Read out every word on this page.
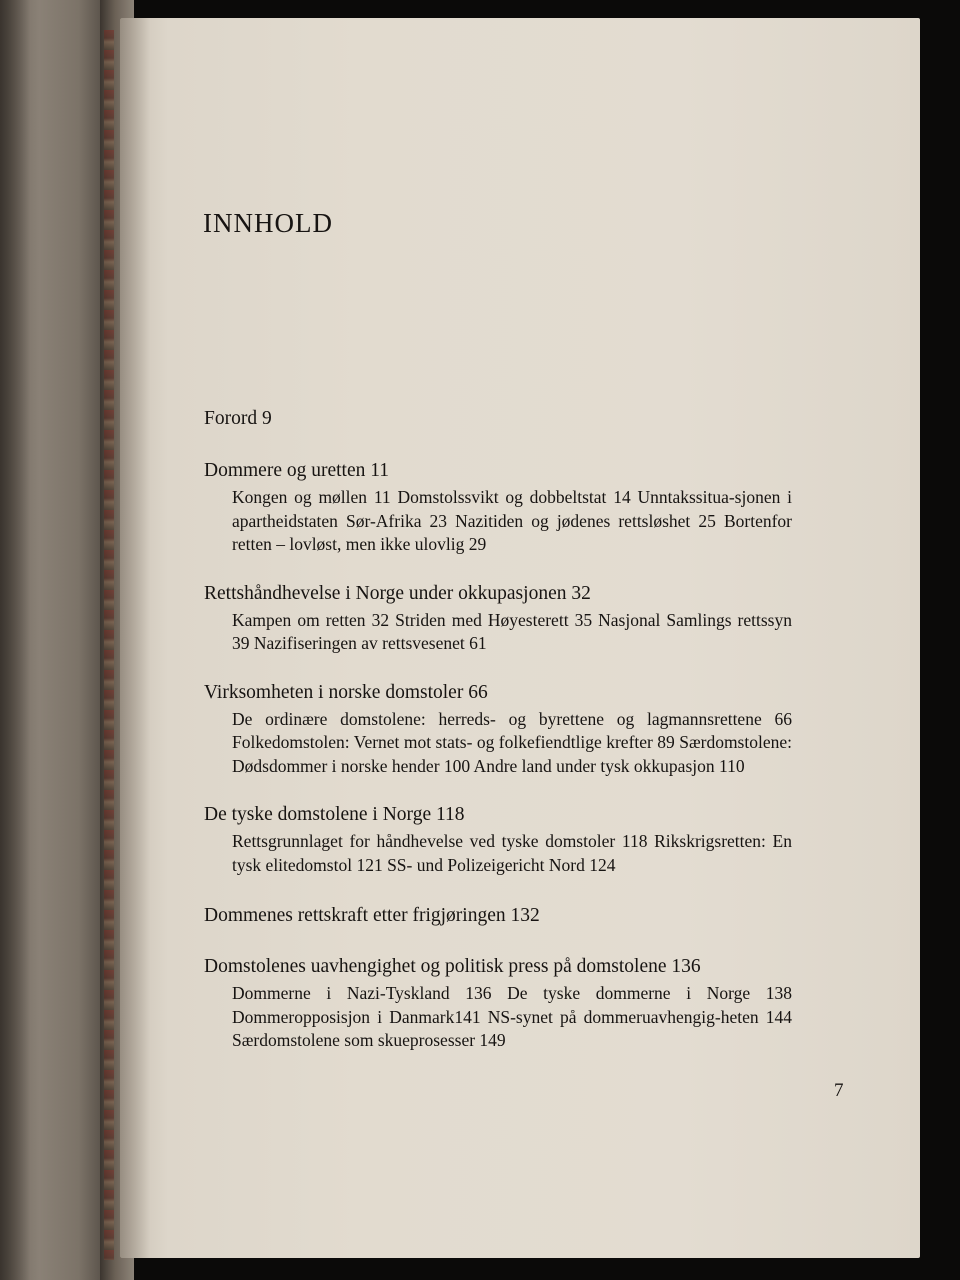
INNHOLD
Forord 9
Dommere og uretten 11
Kongen og møllen 11 Domstolssvikt og dobbeltstat 14 Unntakssitua-sjonen i apartheidstaten Sør-Afrika 23 Nazitiden og jødenes rettsløshet 25 Bortenfor retten – lovløst, men ikke ulovlig 29
Rettshåndhevelse i Norge under okkupasjonen 32
Kampen om retten 32 Striden med Høyesterett 35 Nasjonal Samlings rettssyn 39 Nazifiseringen av rettsvesenet 61
Virksomheten i norske domstoler 66
De ordinære domstolene: herreds- og byrettene og lagmannsrettene 66 Folkedomstolen: Vernet mot stats- og folkefiendtlige krefter 89 Særdomstolene: Dødsdommer i norske hender 100 Andre land under tysk okkupasjon 110
De tyske domstolene i Norge 118
Rettsgrunnlaget for håndhevelse ved tyske domstoler 118 Rikskrigsretten: En tysk elitedomstol 121 SS- und Polizeigericht Nord 124
Dommenes rettskraft etter frigjøringen 132
Domstolenes uavhengighet og politisk press på domstolene 136
Dommerne i Nazi-Tyskland 136 De tyske dommerne i Norge 138 Dommeropposisjon i Danmark141 NS-synet på dommeruavhengig-heten 144 Særdomstolene som skueprosesser 149
7
